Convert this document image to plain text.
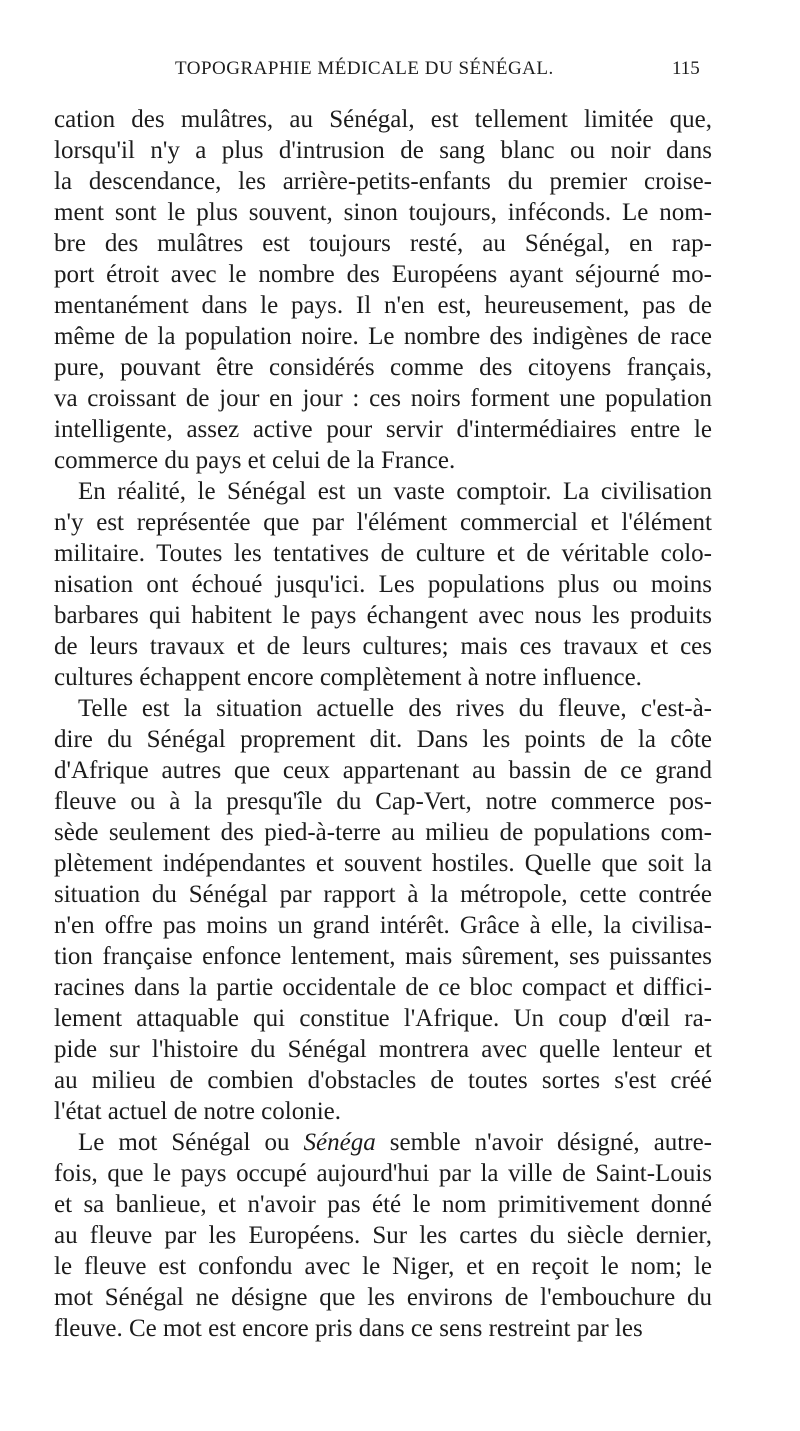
TOPOGRAPHIE MÉDICALE DU SÉNÉGAL.	115
cation des mulâtres, au Sénégal, est tellement limitée que,
lorsqu'il n'y a plus d'intrusion de sang blanc ou noir dans
la descendance, les arrière-petits-enfants du premier croise-
ment sont le plus souvent, sinon toujours, inféconds. Le nom-
bre des mulâtres est toujours resté, au Sénégal, en rap-
port étroit avec le nombre des Européens ayant séjourné mo-
mentanément dans le pays. Il n'en est, heureusement, pas de
même de la population noire. Le nombre des indigènes de race
pure, pouvant être considérés comme des citoyens français,
va croissant de jour en jour : ces noirs forment une population
intelligente, assez active pour servir d'intermédiaires entre le
commerce du pays et celui de la France.
En réalité, le Sénégal est un vaste comptoir. La civilisation
n'y est représentée que par l'élément commercial et l'élément
militaire. Toutes les tentatives de culture et de véritable colo-
nisation ont échoué jusqu'ici. Les populations plus ou moins
barbares qui habitent le pays échangent avec nous les produits
de leurs travaux et de leurs cultures; mais ces travaux et ces
cultures échappent encore complètement à notre influence.
Telle est la situation actuelle des rives du fleuve, c'est-à-
dire du Sénégal proprement dit. Dans les points de la côte
d'Afrique autres que ceux appartenant au bassin de ce grand
fleuve ou à la presqu'île du Cap-Vert, notre commerce pos-
sède seulement des pied-à-terre au milieu de populations com-
plètement indépendantes et souvent hostiles. Quelle que soit la
situation du Sénégal par rapport à la métropole, cette contrée
n'en offre pas moins un grand intérêt. Grâce à elle, la civilisa-
tion française enfonce lentement, mais sûrement, ses puissantes
racines dans la partie occidentale de ce bloc compact et diffici-
lement attaquable qui constitue l'Afrique. Un coup d'œil ra-
pide sur l'histoire du Sénégal montrera avec quelle lenteur et
au milieu de combien d'obstacles de toutes sortes s'est créé
l'état actuel de notre colonie.
Le mot Sénégal ou Sénéga semble n'avoir désigné, autre-
fois, que le pays occupé aujourd'hui par la ville de Saint-Louis
et sa banlieue, et n'avoir pas été le nom primitivement donné
au fleuve par les Européens. Sur les cartes du siècle dernier,
le fleuve est confondu avec le Niger, et en reçoit le nom; le
mot Sénégal ne désigne que les environs de l'embouchure du
fleuve. Ce mot est encore pris dans ce sens restreint par les
